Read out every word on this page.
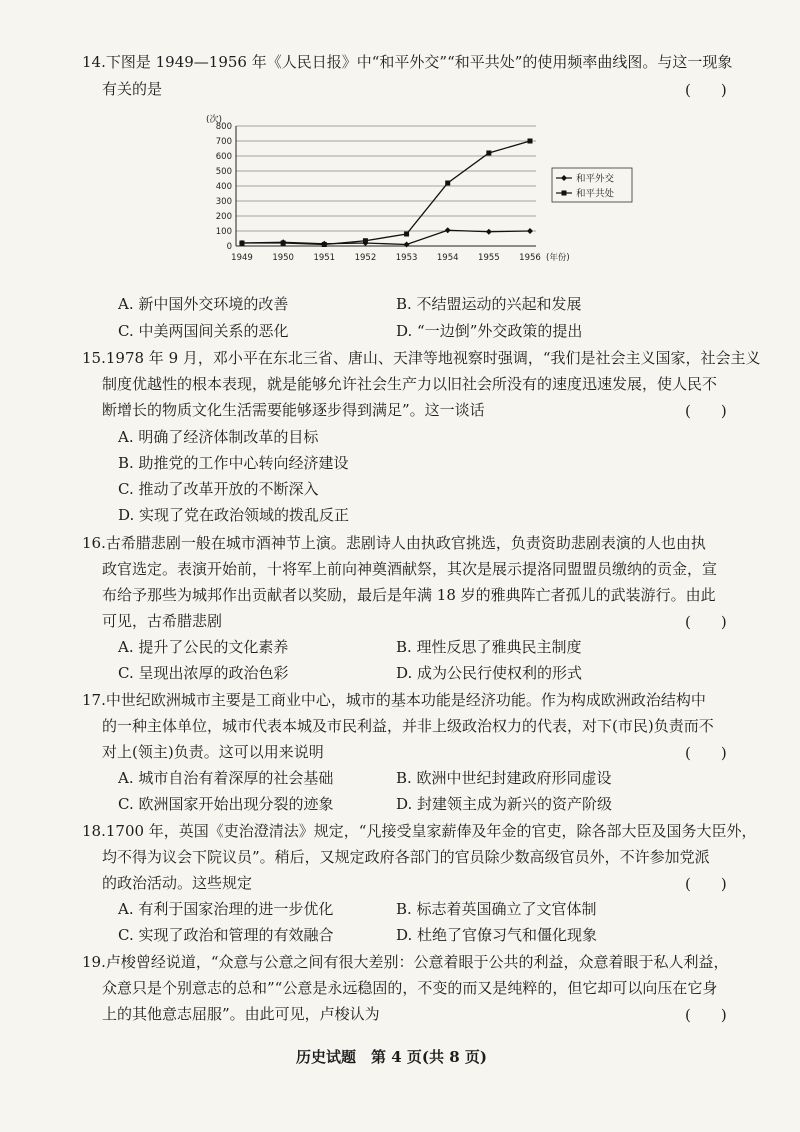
14.下图是 1949—1956 年《人民日报》中“和平外交”“和平共处”的使用频率曲线图。与这一现象
有关的是	(　　)
0
100
200
300
400
500
600
700
800
(次)
1949 1950 1951 1952 1953 1954 1955 1956 (年份)
和平外交
和平共处
A. 新中国外交环境的改善	B. 不结盟运动的兴起和发展
C. 中美两国间关系的恶化	D. “一边倒”外交政策的提出
15.1978 年 9 月，邓小平在东北三省、唐山、天津等地视察时强调，“我们是社会主义国家，社会主义
制度优越性的根本表现，就是能够允许社会生产力以旧社会所没有的速度迅速发展，使人民不
断增长的物质文化生活需要能够逐步得到满足”。这一谈话	(　　)
A. 明确了经济体制改革的目标
B. 助推党的工作中心转向经济建设
C. 推动了改革开放的不断深入
D. 实现了党在政治领域的拨乱反正
16.古希腊悲剧一般在城市酒神节上演。悲剧诗人由执政官挑选，负责资助悲剧表演的人也由执
政官选定。表演开始前，十将军上前向神奠酒献祭，其次是展示提洛同盟盟员缴纳的贡金，宣
布给予那些为城邦作出贡献者以奖励，最后是年满 18 岁的雅典阵亡者孤儿的武装游行。由此
可见，古希腊悲剧	(　　)
A. 提升了公民的文化素养	B. 理性反思了雅典民主制度
C. 呈现出浓厚的政治色彩	D. 成为公民行使权利的形式
17.中世纪欧洲城市主要是工商业中心，城市的基本功能是经济功能。作为构成欧洲政治结构中
的一种主体单位，城市代表本城及市民利益，并非上级政治权力的代表，对下(市民)负责而不
对上(领主)负责。这可以用来说明	(　　)
A. 城市自治有着深厚的社会基础	B. 欧洲中世纪封建政府形同虚设
C. 欧洲国家开始出现分裂的迹象	D. 封建领主成为新兴的资产阶级
18.1700 年，英国《吏治澄清法》规定，“凡接受皇家薪俸及年金的官吏，除各部大臣及国务大臣外，
均不得为议会下院议员”。稍后，又规定政府各部门的官员除少数高级官员外，不许参加党派
的政治活动。这些规定	(　　)
A. 有利于国家治理的进一步优化	B. 标志着英国确立了文官体制
C. 实现了政治和管理的有效融合	D. 杜绝了官僚习气和僵化现象
19.卢梭曾经说道，“众意与公意之间有很大差别：公意着眼于公共的利益，众意着眼于私人利益，
众意只是个别意志的总和”“公意是永远稳固的，不变的而又是纯粹的，但它却可以向压在它身
上的其他意志屈服”。由此可见，卢梭认为	(　　)
历史试题　第 4 页(共 8 页)
